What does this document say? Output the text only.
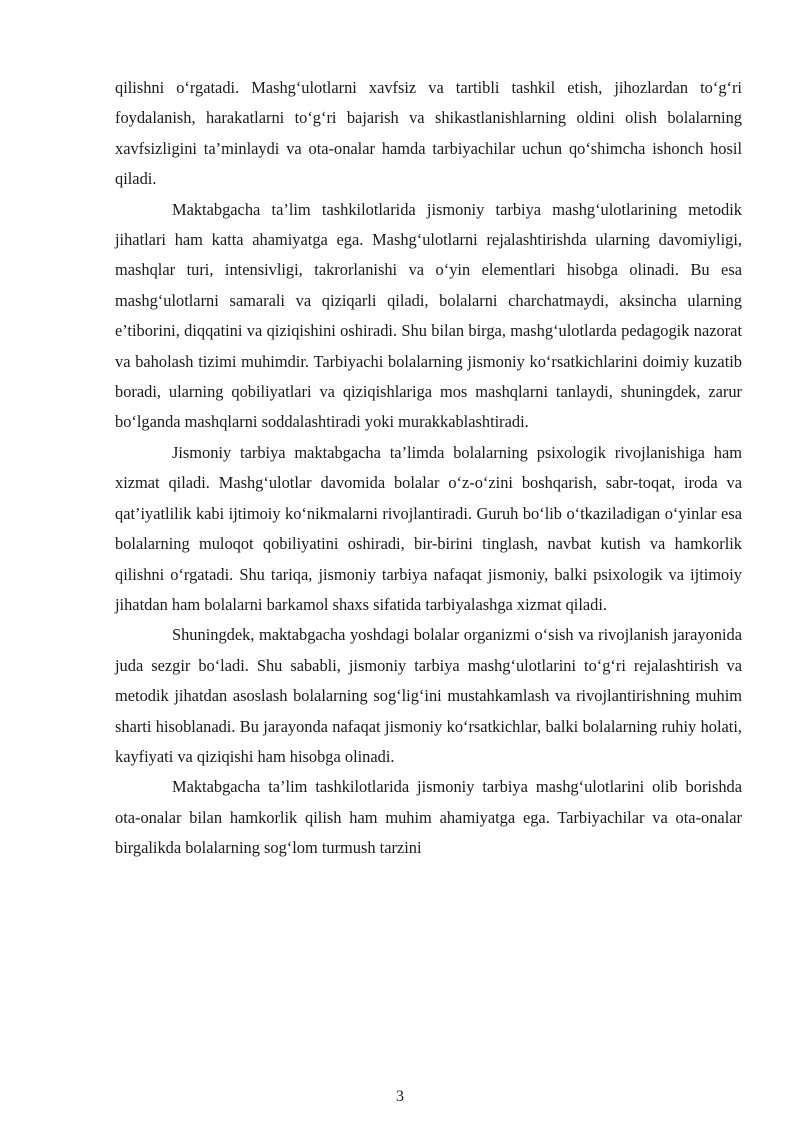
qilishni o‘rgatadi. Mashg‘ulotlarni xavfsiz va tartibli tashkil etish, jihozlardan to‘g‘ri foydalanish, harakatlarni to‘g‘ri bajarish va shikastlanishlarning oldini olish bolalarning xavfsizligini ta’minlaydi va ota-onalar hamda tarbiyachilar uchun qo‘shimcha ishonch hosil qiladi.

Maktabgacha ta’lim tashkilotlarida jismoniy tarbiya mashg‘ulotlarining metodik jihatlari ham katta ahamiyatga ega. Mashg‘ulotlarni rejalashtirishda ularning davomiyligi, mashqlar turi, intensivligi, takrorlanishi va o‘yin elementlari hisobga olinadi. Bu esa mashg‘ulotlarni samarali va qiziqarli qiladi, bolalarni charchatmaydi, aksincha ularning e’tiborini, diqqatini va qiziqishini oshiradi. Shu bilan birga, mashg‘ulotlarda pedagogik nazorat va baholash tizimi muhimdir. Tarbiyachi bolalarning jismoniy ko‘rsatkichlarini doimiy kuzatib boradi, ularning qobiliyatlari va qiziqishlariga mos mashqlarni tanlaydi, shuningdek, zarur bo‘lganda mashqlarni soddalashtiradi yoki murakkablashtiradi.

Jismoniy tarbiya maktabgacha ta’limda bolalarning psixologik rivojlanishiga ham xizmat qiladi. Mashg‘ulotlar davomida bolalar o‘z-o‘zini boshqarish, sabr-toqat, iroda va qat’iyatlilik kabi ijtimoiy ko‘nikmalarni rivojlantiradi. Guruh bo‘lib o‘tkaziladigan o‘yinlar esa bolalarning muloqot qobiliyatini oshiradi, bir-birini tinglash, navbat kutish va hamkorlik qilishni o‘rgatadi. Shu tariqa, jismoniy tarbiya nafaqat jismoniy, balki psixologik va ijtimoiy jihatdan ham bolalarni barkamol shaxs sifatida tarbiyalashga xizmat qiladi.

Shuningdek, maktabgacha yoshdagi bolalar organizmi o‘sish va rivojlanish jarayonida juda sezgir bo‘ladi. Shu sababli, jismoniy tarbiya mashg‘ulotlarini to‘g‘ri rejalashtirish va metodik jihatdan asoslash bolalarning sog‘lig‘ini mustahkamlash va rivojlantirishning muhim sharti hisoblanadi. Bu jarayonda nafaqat jismoniy ko‘rsatkichlar, balki bolalarning ruhiy holati, kayfiyati va qiziqishi ham hisobga olinadi.

Maktabgacha ta’lim tashkilotlarida jismoniy tarbiya mashg‘ulotlarini olib borishda ota-onalar bilan hamkorlik qilish ham muhim ahamiyatga ega. Tarbiyachilar va ota-onalar birgalikda bolalarning sog‘lom turmush tarzini

3
